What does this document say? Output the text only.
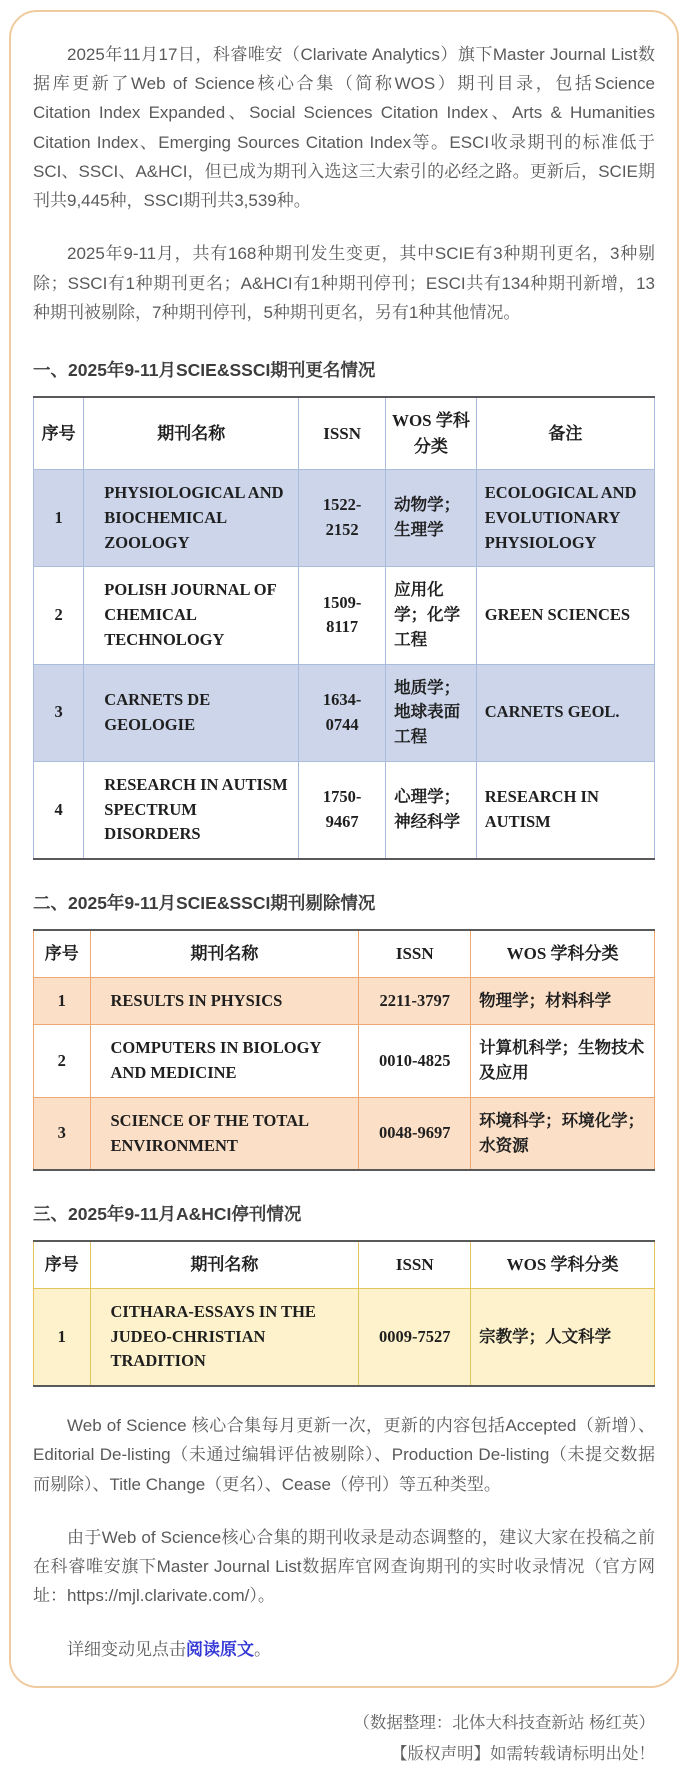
2025年11月17日，科睿唯安（Clarivate Analytics）旗下Master Journal List数据库更新了Web of Science核心合集（简称WOS）期刊目录，包括Science Citation Index Expanded、Social Sciences Citation Index、Arts & Humanities Citation Index、Emerging Sources Citation Index等。ESCI收录期刊的标准低于SCI、SSCI、A&HCI，但已成为期刊入选这三大索引的必经之路。更新后，SCIE期刊共9,445种，SSCI期刊共3,539种。

2025年9-11月，共有168种期刊发生变更，其中SCIE有3种期刊更名，3种剔除；SSCI有1种期刊更名；A&HCI有1种期刊停刊；ESCI共有134种期刊新增，13种期刊被剔除，7种期刊停刊，5种期刊更名，另有1种其他情况。

一、2025年9-11月SCIE&SSCI期刊更名情况
序号	期刊名称	ISSN	WOS 学科分类	备注
1	PHYSIOLOGICAL AND BIOCHEMICAL ZOOLOGY	1522-2152	动物学；生理学	ECOLOGICAL AND EVOLUTIONARY PHYSIOLOGY
2	POLISH JOURNAL OF CHEMICAL TECHNOLOGY	1509-8117	应用化学；化学工程	GREEN SCIENCES
3	CARNETS DE GEOLOGIE	1634-0744	地质学；地球表面工程	CARNETS GEOL.
4	RESEARCH IN AUTISM SPECTRUM DISORDERS	1750-9467	心理学；神经科学	RESEARCH IN AUTISM
二、2025年9-11月SCIE&SSCI期刊剔除情况
序号	期刊名称	ISSN	WOS 学科分类
1	RESULTS IN PHYSICS	2211-3797	物理学；材料科学
2	COMPUTERS IN BIOLOGY AND MEDICINE	0010-4825	计算机科学；生物技术及应用
3	SCIENCE OF THE TOTAL ENVIRONMENT	0048-9697	环境科学；环境化学；水资源
三、2025年9-11月A&HCI停刊情况
序号	期刊名称	ISSN	WOS 学科分类
1	CITHARA-ESSAYS IN THE JUDEO-CHRISTIAN TRADITION	0009-7527	宗教学；人文科学

Web of Science 核心合集每月更新一次，更新的内容包括Accepted（新增）、Editorial De-listing（未通过编辑评估被剔除）、Production De-listing（未提交数据而剔除）、Title Change（更名）、Cease（停刊）等五种类型。

由于Web of Science核心合集的期刊收录是动态调整的，建议大家在投稿之前在科睿唯安旗下Master Journal List数据库官网查询期刊的实时收录情况（官方网址：https://mjl.clarivate.com/）。

详细变动见点击阅读原文。

（数据整理：北体大科技查新站 杨红英）
【版权声明】如需转载请标明出处！
